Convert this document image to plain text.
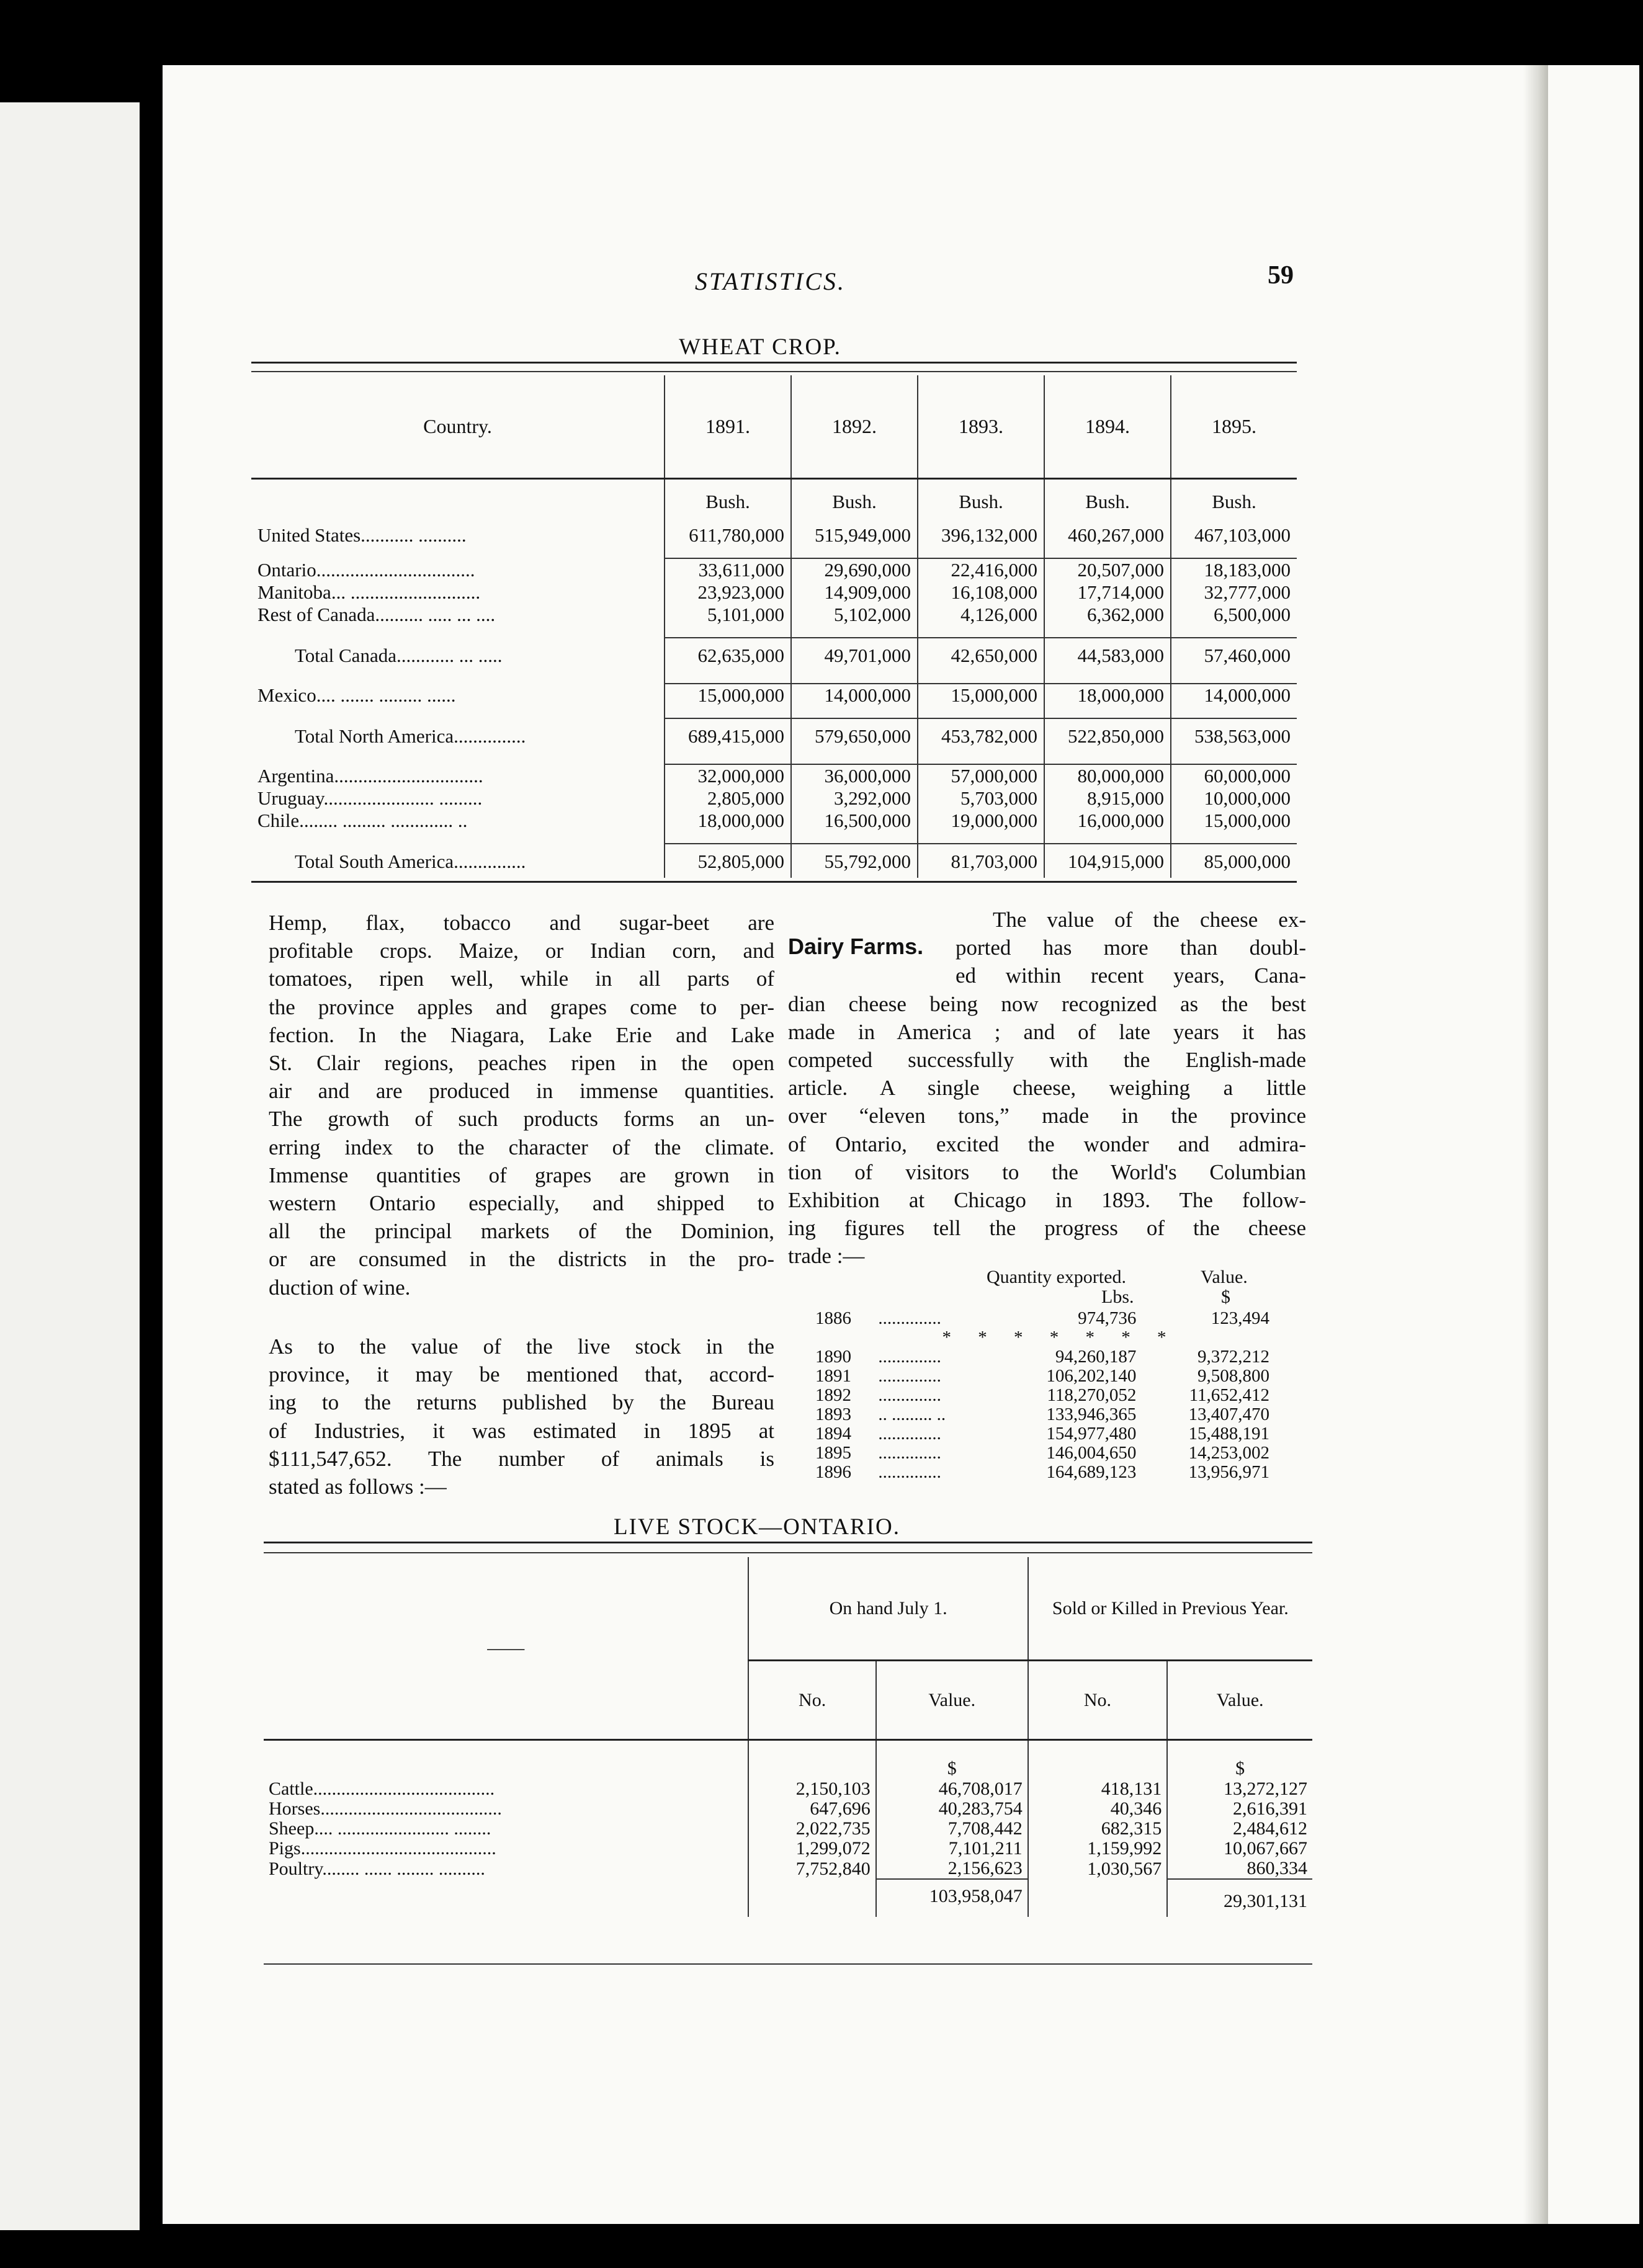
STATISTICS.	59
WHEAT CROP.
Country.	1891.	1892.	1893.	1894.	1895.
	Bush.	Bush.	Bush.	Bush.	Bush.

United States........... ..........	611,780,000	515,949,000	396,132,000	460,267,000	467,103,000

Ontario.................................	33,611,000	29,690,000	22,416,000	20,507,000	18,183,000
Manitoba... ...........................	23,923,000	14,909,000	16,108,000	17,714,000	32,777,000
Rest of Canada.......... ..... ... ....	5,101,000	5,102,000	4,126,000	6,362,000	6,500,000

Total Canada............ ... .....	62,635,000	49,701,000	42,650,000	44,583,000	57,460,000

Mexico.... ....... ......... ......	15,000,000	14,000,000	15,000,000	18,000,000	14,000,000

Total North America...............	689,415,000	579,650,000	453,782,000	522,850,000	538,563,000

Argentina...............................	32,000,000	36,000,000	57,000,000	80,000,000	60,000,000
Uruguay....................... .........	2,805,000	3,292,000	5,703,000	8,915,000	10,000,000
Chile........ ......... ............. ..	18,000,000	16,500,000	19,000,000	16,000,000	15,000,000

Total South America...............	52,805,000	55,792,000	81,703,000	104,915,000	85,000,000
Hemp, flax, tobacco and sugar-beet are
profitable crops. Maize, or Indian corn, and
tomatoes, ripen well, while in all parts of
the province apples and grapes come to per-
fection. In the Niagara, Lake Erie and Lake
St. Clair regions, peaches ripen in the open
air and are produced in immense quantities.
The growth of such products forms an un-
erring index to the character of the climate.
Immense quantities of grapes are grown in
western Ontario especially, and shipped to
all the principal markets of the Dominion,
or are consumed in the districts in the pro-
duction of wine.
As to the value of the live stock in the
province, it may be mentioned that, accord-
ing to the returns published by the Bureau
of Industries, it was estimated in 1895 at
$111,547,652. The number of animals is
stated as follows :—
Dairy Farms.
The value of the cheese ex-
ported has more than doubl-
ed within recent years, Cana-
dian cheese being now recognized as the best
made in America ; and of late years it has
competed successfully with the English-made
article. A single cheese, weighing a little
over “eleven tons,” made in the province
of Ontario, excited the wonder and admira-
tion of visitors to the World's Columbian
Exhibition at Chicago in 1893. The follow-
ing figures tell the progress of the cheese
trade :—
Quantity exported.	Value.
Lbs.	$
1886	..............	974,736	123,494
* * * * * * *			
1890	..............	94,260,187	9,372,212
1891	..............	106,202,140	9,508,800
1892	..............	118,270,052	11,652,412
1893	.. ......... ..	133,946,365	13,407,470
1894	..............	154,977,480	15,488,191
1895	..............	146,004,650	14,253,002
1896	..............	164,689,123	13,956,971
LIVE STOCK—ONTARIO.
——	On hand July 1.		Sold or Killed in Previous Year.	
	No.	Value.	No.	Value.
		$		$
Cattle.......................................	2,150,103	46,708,017	418,131	13,272,127
Horses.......................................	647,696	40,283,754	40,346	2,616,391
Sheep.... ........................ ........	2,022,735	7,708,442	682,315	2,484,612
Pigs..........................................	1,299,072	7,101,211	1,159,992	10,067,667
Poultry........ ...... ........ ..........	7,752,840	2,156,623	1,030,567	860,334
		103,958,047		29,301,131
